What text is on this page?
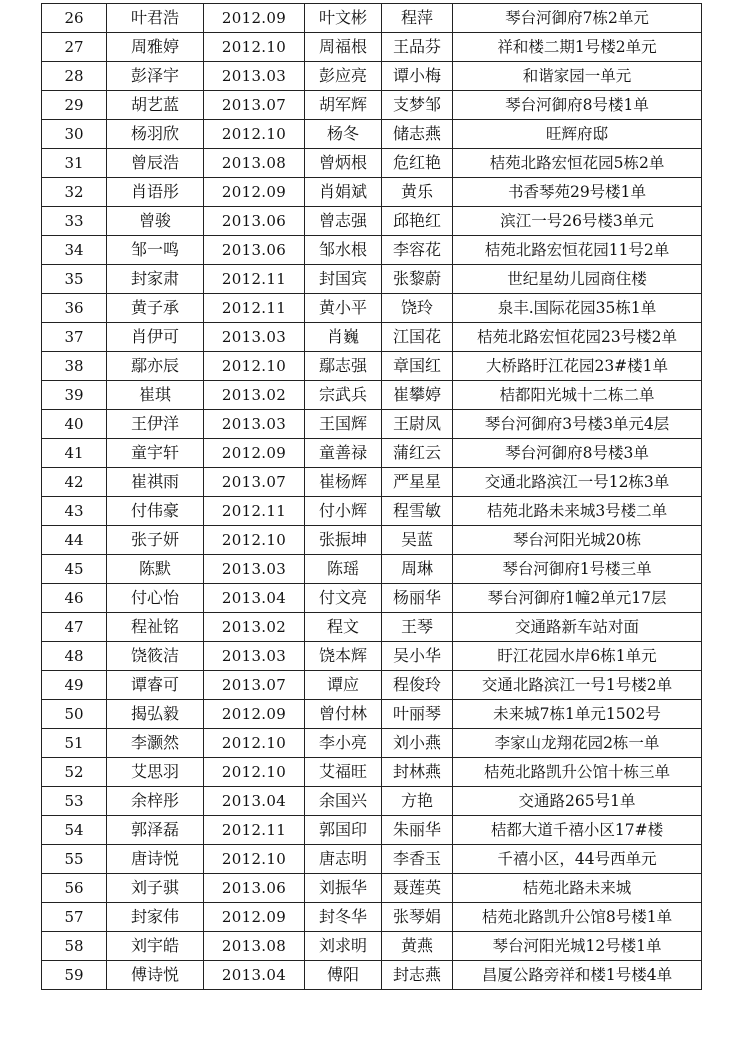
26	叶君浩	2012.09	叶文彬	程萍	琴台河御府7栋2单元
27	周雅婷	2012.10	周福根	王品芬	祥和楼二期1号楼2单元
28	彭泽宇	2013.03	彭应亮	谭小梅	和谐家园一单元
29	胡艺蓝	2013.07	胡军辉	支梦邹	琴台河御府8号楼1单
30	杨羽欣	2012.10	杨冬	储志燕	旺辉府邸
31	曾辰浩	2013.08	曾炳根	危红艳	桔苑北路宏恒花园5栋2单
32	肖语彤	2012.09	肖娟斌	黄乐	书香琴苑29号楼1单
33	曾骏	2013.06	曾志强	邱艳红	滨江一号26号楼3单元
34	邹一鸣	2013.06	邹水根	李容花	桔苑北路宏恒花园11号2单
35	封家肃	2012.11	封国宾	张黎蔚	世纪星幼儿园商住楼
36	黄子承	2012.11	黄小平	饶玲	泉丰.国际花园35栋1单
37	肖伊可	2013.03	肖巍	江国花	桔苑北路宏恒花园23号楼2单
38	鄢亦辰	2012.10	鄢志强	章国红	大桥路盱江花园23#楼1单
39	崔琪	2013.02	宗武兵	崔攀婷	桔都阳光城十二栋二单
40	王伊洋	2013.03	王国辉	王尉凤	琴台河御府3号楼3单元4层
41	童宇轩	2012.09	童善禄	蒲红云	琴台河御府8号楼3单
42	崔祺雨	2013.07	崔杨辉	严星星	交通北路滨江一号12栋3单
43	付伟豪	2012.11	付小辉	程雪敏	桔苑北路未来城3号楼二单
44	张子妍	2012.10	张振坤	吴蓝	琴台河阳光城20栋
45	陈默	2013.03	陈瑶	周琳	琴台河御府1号楼三单
46	付心怡	2013.04	付文亮	杨丽华	琴台河御府1幢2单元17层
47	程祉铭	2013.02	程文	王琴	交通路新车站对面
48	饶筱洁	2013.03	饶本辉	吴小华	盱江花园水岸6栋1单元
49	谭睿可	2013.07	谭应	程俊玲	交通北路滨江一号1号楼2单
50	揭弘毅	2012.09	曾付林	叶丽琴	未来城7栋1单元1502号
51	李灏然	2012.10	李小亮	刘小燕	李家山龙翔花园2栋一单
52	艾思羽	2012.10	艾福旺	封林燕	桔苑北路凯升公馆十栋三单
53	余梓彤	2013.04	余国兴	方艳	交通路265号1单
54	郭泽磊	2012.11	郭国印	朱丽华	桔都大道千禧小区17#楼
55	唐诗悦	2012.10	唐志明	李香玉	千禧小区，44号西单元
56	刘子骐	2013.06	刘振华	聂莲英	桔苑北路未来城
57	封家伟	2012.09	封冬华	张琴娟	桔苑北路凯升公馆8号楼1单
58	刘宇皓	2013.08	刘求明	黄燕	琴台河阳光城12号楼1单
59	傅诗悦	2013.04	傅阳	封志燕	昌厦公路旁祥和楼1号楼4单
